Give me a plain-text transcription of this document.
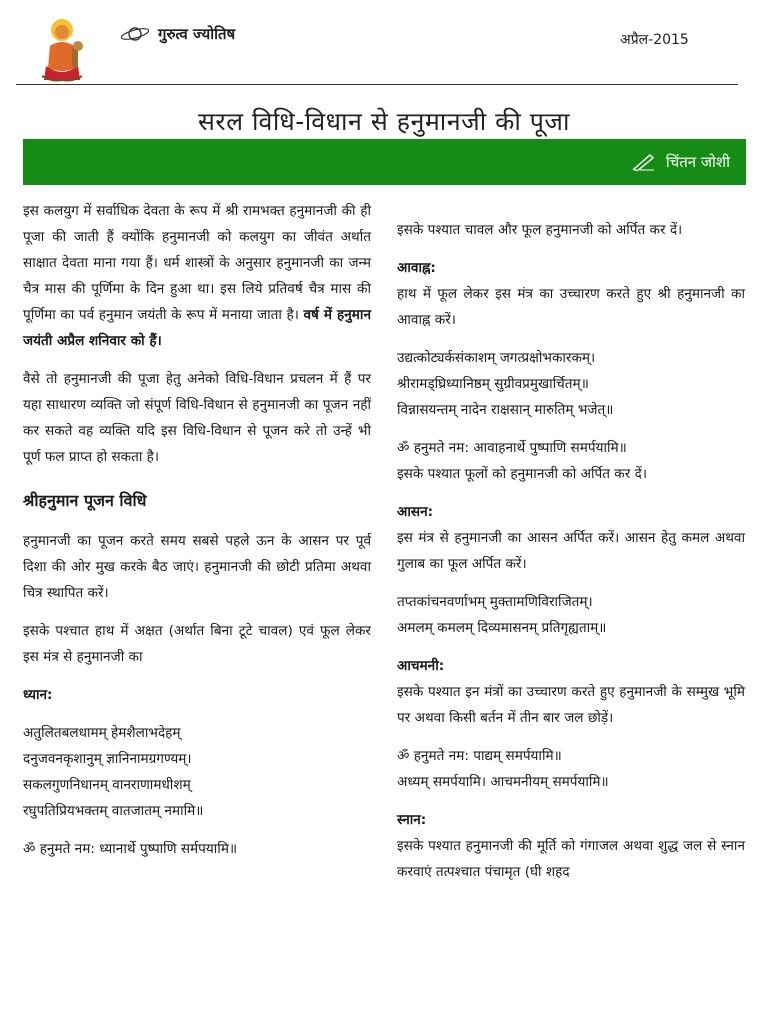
गुरुत्व ज्योतिष	अप्रैल-2015
सरल विधि-विधान से हनुमानजी की पूजा
चिंतन जोशी

इस कलयुग में सर्वाधिक देवता के रूप में श्री रामभक्त हनुमानजी की ही पूजा की जाती हैं क्योंकि हनुमानजी को कलयुग का जीवंत अर्थात साक्षात देवता माना गया हैं। धर्म शास्त्रों के अनुसार हनुमानजी का जन्म चैत्र मास की पूर्णिमा के दिन हुआ था। इस लिये प्रतिवर्ष चैत्र मास की पूर्णिमा का पर्व हनुमान जयंती के रूप में मनाया जाता है। वर्ष में हनुमान जयंती अप्रैल शनिवार को हैं।

वैसे तो हनुमानजी की पूजा हेतु अनेको विधि-विधान प्रचलन में हैं पर यहा साधारण व्यक्ति जो संपूर्ण विधि-विधान से हनुमानजी का पूजन नहीं कर सकते वह व्यक्ति यदि इस विधि-विधान से पूजन करे तो उन्हें भी पूर्ण फल प्राप्त हो सकता है।

श्रीहनुमान पूजन विधि

हनुमानजी का पूजन करते समय सबसे पहले ऊन के आसन पर पूर्व दिशा की ओर मुख करके बैठ जाएं। हनुमानजी की छोटी प्रतिमा अथवा चित्र स्थापित करें।

इसके पश्चात हाथ में अक्षत (अर्थात बिना टूटे चावल) एवं फूल लेकर इस मंत्र से हनुमानजी का

ध्यान:
अतुलितबलधामम् हेमशैलाभदेहम्
दनुजवनकृशानुम् ज्ञानिनामग्रगण्यम्।
सकलगुणनिधानम् वानराणामधीशम्
रघुपतिप्रियभक्तम् वातजातम् नमामि॥
ॐ हनुमते नम: ध्यानार्थे पुष्पाणि सर्मपयामि॥

इसके पश्यात चावल और फूल हनुमानजी को अर्पित कर दें।

आवाह्न:

हाथ में फूल लेकर इस मंत्र का उच्चारण करते हुए श्री हनुमानजी का आवाह्न करें।

उद्यत्कोट्यर्कसंकाशम् जगत्प्रक्षोभकारकम्।
श्रीरामड्घ्रिध्यानिष्ठम् सुग्रीवप्रमुखार्चितम्॥
विन्नासयन्तम् नादेन राक्षसान् मारुतिम् भजेत्॥
ॐ हनुमते नम: आवाहनार्थे पुष्पाणि समर्पयामि॥
इसके पश्यात फूलों को हनुमानजी को अर्पित कर दें।
आसन:

इस मंत्र से हनुमानजी का आसन अर्पित करें। आसन हेतु कमल अथवा गुलाब का फूल अर्पित करें।

तप्तकांचनवर्णाभम् मुक्तामणिविराजितम्।
अमलम् कमलम् दिव्यमासनम् प्रतिगृह्यताम्॥
आचमनी:

इसके पश्यात इन मंत्रों का उच्चारण करते हुए हनुमानजी के सम्मुख भूमि पर अथवा किसी बर्तन में तीन बार जल छोड़ें।

ॐ हनुमते नम: पाद्यम् समर्पयामि॥
अध्यम् समर्पयामि। आचमनीयम् समर्पयामि॥
स्नान:

इसके पश्यात हनुमानजी की मूर्ति को गंगाजल अथवा शुद्ध जल से स्नान करवाएं तत्पश्चात पंचामृत (घी शहद
